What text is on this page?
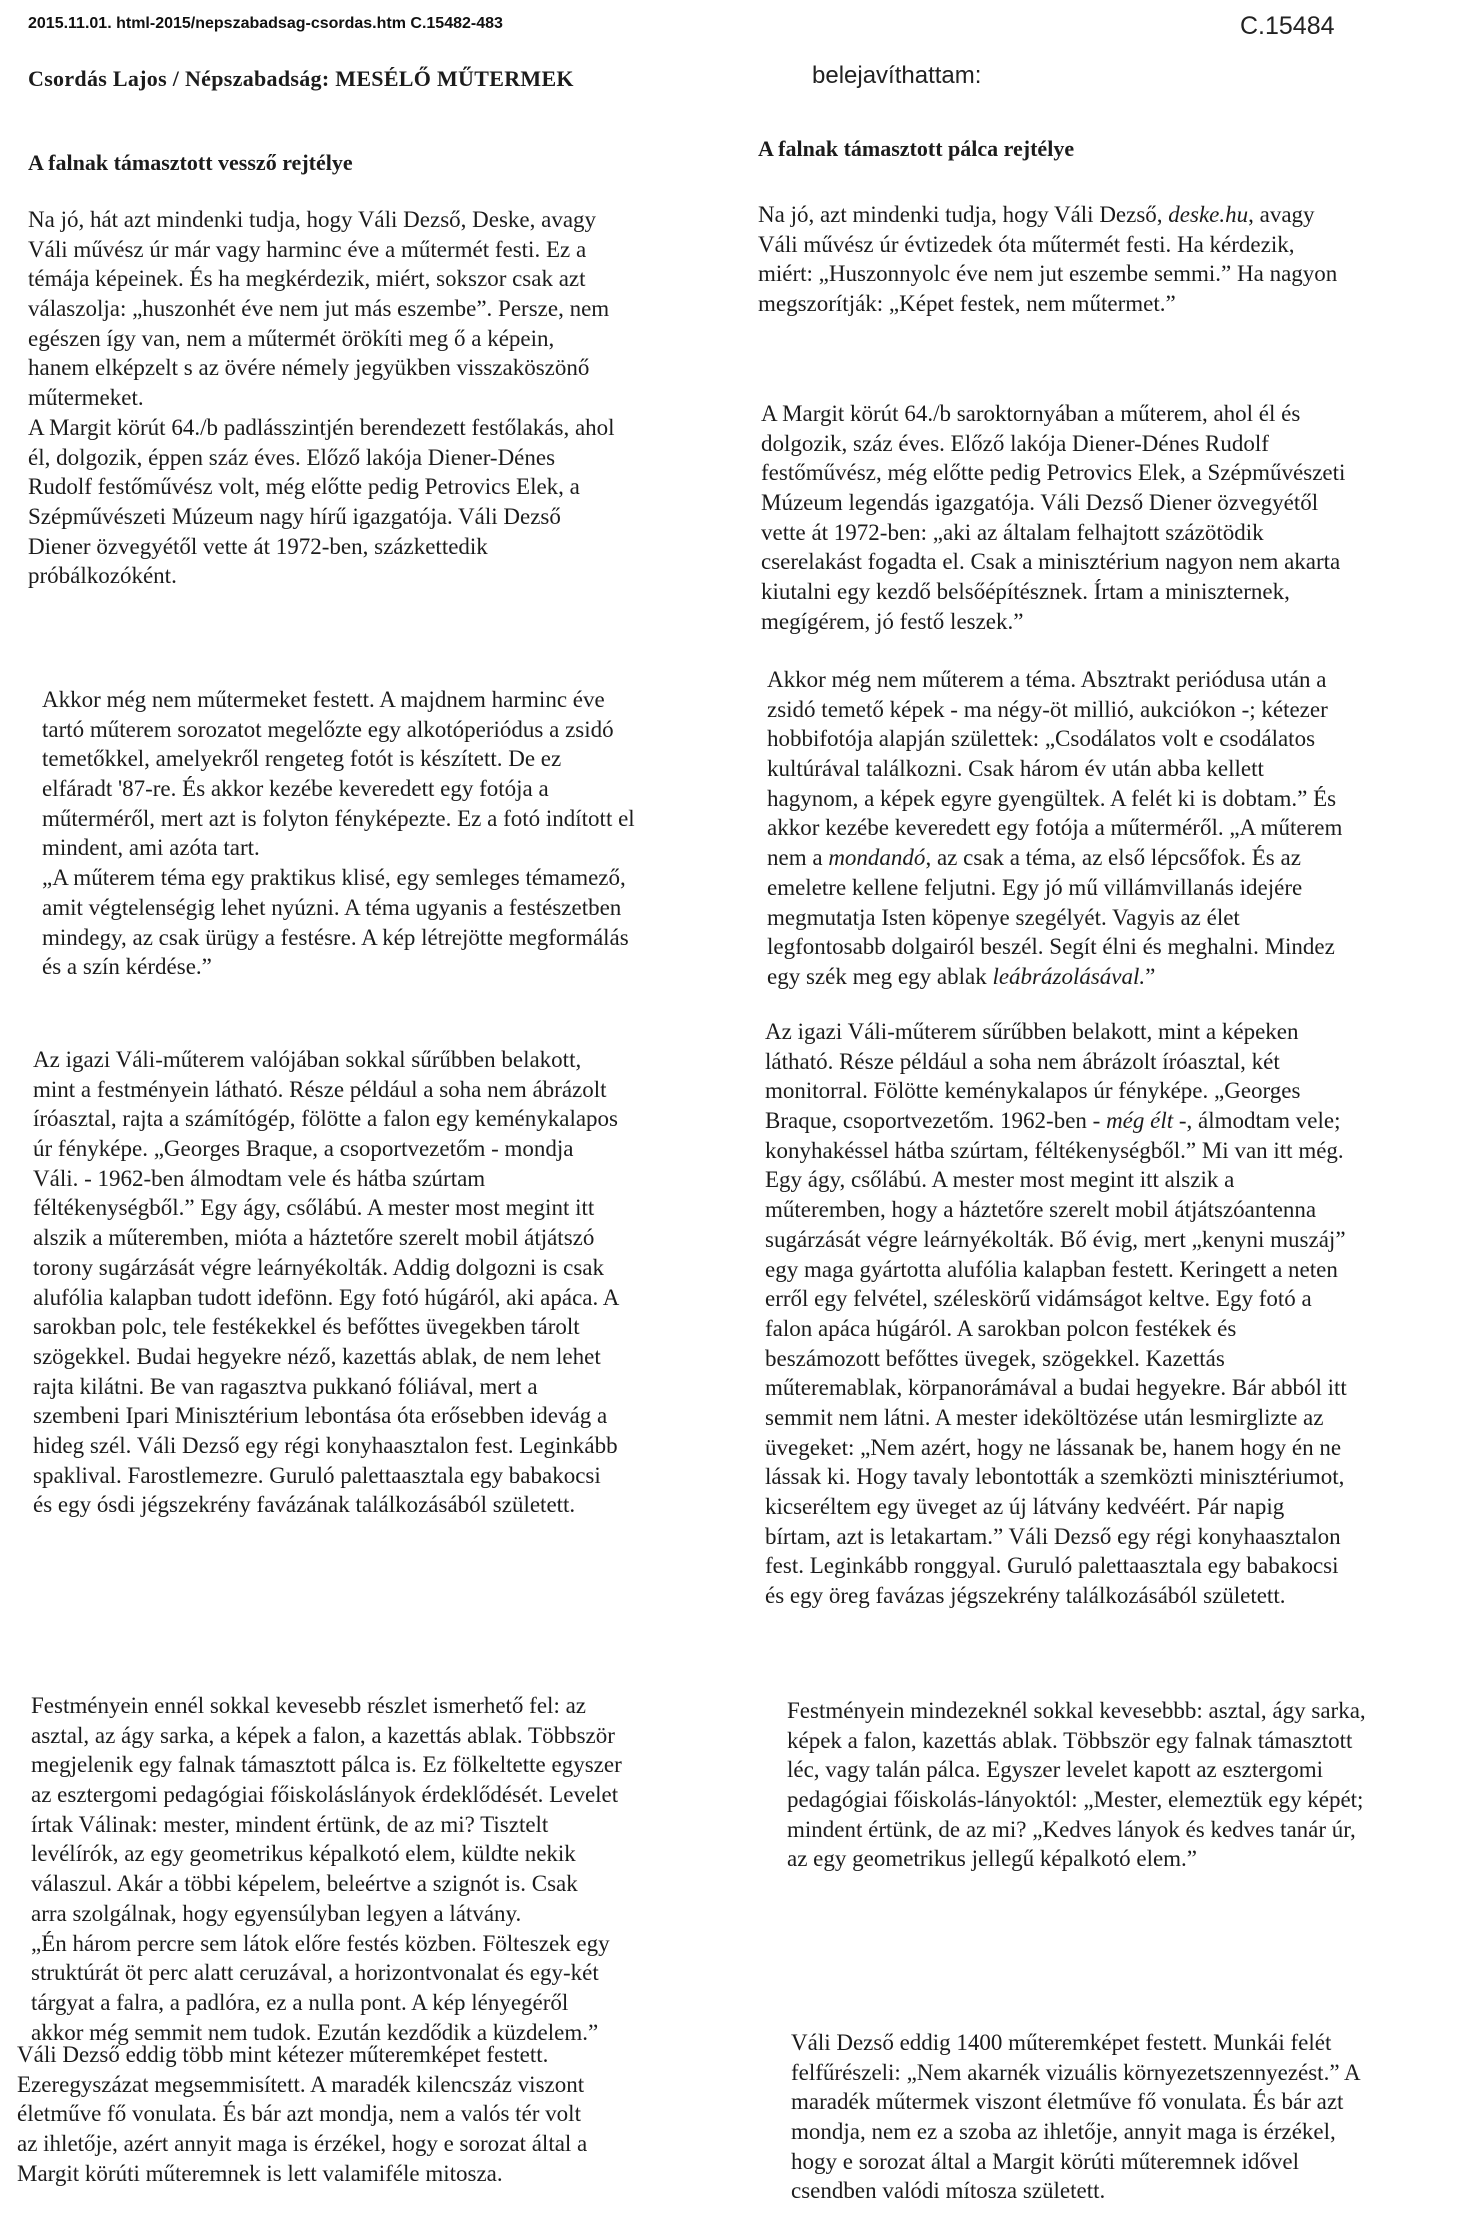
2015.11.01. html-2015/nepszabadsag-csordas.htm C.15482-483	C.15484
Csordás Lajos / Népszabadság: MESÉLŐ MŰTERMEK	belejavíthattam:
A falnak támasztott vessző rejtélye
A falnak támasztott pálca rejtélye
Na jó, hát azt mindenki tudja, hogy Váli Dezső, Deske, avagy
Váli művész úr már vagy harminc éve a műtermét festi. Ez a
témája képeinek. És ha megkérdezik, miért, sokszor csak azt
válaszolja: „huszonhét éve nem jut más eszembe”. Persze, nem
egészen így van, nem a műtermét örökíti meg ő a képein,
hanem elképzelt s az övére némely jegyükben visszaköszönő
műtermeket.
A Margit körút 64./b padlásszintjén berendezett festőlakás, ahol
él, dolgozik, éppen száz éves. Előző lakója Diener-Dénes
Rudolf festőművész volt, még előtte pedig Petrovics Elek, a
Szépművészeti Múzeum nagy hírű igazgatója. Váli Dezső
Diener özvegyétől vette át 1972-ben, százkettedik
próbálkozóként.
Akkor még nem műtermeket festett. A majdnem harminc éve
tartó műterem sorozatot megelőzte egy alkotóperiódus a zsidó
temetőkkel, amelyekről rengeteg fotót is készített. De ez
elfáradt '87-re. És akkor kezébe keveredett egy fotója a
műterméről, mert azt is folyton fényképezte. Ez a fotó indított el
mindent, ami azóta tart.
„A műterem téma egy praktikus klisé, egy semleges témamező,
amit végtelenségig lehet nyúzni. A téma ugyanis a festészetben
mindegy, az csak ürügy a festésre. A kép létrejötte megformálás
és a szín kérdése.”
Az igazi Váli-műterem valójában sokkal sűrűbben belakott,
mint a festményein látható. Része például a soha nem ábrázolt
íróasztal, rajta a számítógép, fölötte a falon egy keménykalapos
úr fényképe. „Georges Braque, a csoportvezetőm - mondja
Váli. - 1962-ben álmodtam vele és hátba szúrtam
féltékenységből.” Egy ágy, csőlábú. A mester most megint itt
alszik a műteremben, mióta a háztetőre szerelt mobil átjátszó
torony sugárzását végre leárnyékolták. Addig dolgozni is csak
alufólia kalapban tudott idefönn. Egy fotó húgáról, aki apáca. A
sarokban polc, tele festékekkel és befőttes üvegekben tárolt
szögekkel. Budai hegyekre néző, kazettás ablak, de nem lehet
rajta kilátni. Be van ragasztva pukkanó fóliával, mert a
szembeni Ipari Minisztérium lebontása óta erősebben idevág a
hideg szél. Váli Dezső egy régi konyhaasztalon fest. Leginkább
spaklival. Farostlemezre. Guruló palettaasztala egy babakocsi
és egy ósdi jégszekrény favázának találkozásából született.
Festményein ennél sokkal kevesebb részlet ismerhető fel: az
asztal, az ágy sarka, a képek a falon, a kazettás ablak. Többször
megjelenik egy falnak támasztott pálca is. Ez fölkeltette egyszer
az esztergomi pedagógiai főiskoláslányok érdeklődését. Levelet
írtak Válinak: mester, mindent értünk, de az mi? Tisztelt
levélírók, az egy geometrikus képalkotó elem, küldte nekik
válaszul. Akár a többi képelem, beleértve a szignót is. Csak
arra szolgálnak, hogy egyensúlyban legyen a látvány.
„Én három percre sem látok előre festés közben. Fölteszek egy
struktúrát öt perc alatt ceruzával, a horizontvonalat és egy-két
tárgyat a falra, a padlóra, ez a nulla pont. A kép lényegéről
akkor még semmit nem tudok. Ezután kezdődik a küzdelem.”
Váli Dezső eddig több mint kétezer műteremképet festett.
Ezeregyszázat megsemmisített. A maradék kilencszáz viszont
életműve fő vonulata. És bár azt mondja, nem a valós tér volt
az ihletője, azért annyit maga is érzékel, hogy e sorozat által a
Margit körúti műteremnek is lett valamiféle mitosza.
Na jó, azt mindenki tudja, hogy Váli Dezső, deske.hu, avagy
Váli művész úr évtizedek óta műtermét festi. Ha kérdezik,
miért: „Huszonnyolc éve nem jut eszembe semmi.” Ha nagyon
megszorítják: „Képet festek, nem műtermet.”
A Margit körút 64./b saroktornyában a műterem, ahol él és
dolgozik, száz éves. Előző lakója Diener-Dénes Rudolf
festőművész, még előtte pedig Petrovics Elek, a Szépművészeti
Múzeum legendás igazgatója. Váli Dezső Diener özvegyétől
vette át 1972-ben: „aki az általam felhajtott százötödik
cserelakást fogadta el. Csak a minisztérium nagyon nem akarta
kiutalni egy kezdő belsőépítésznek. Írtam a miniszternek,
megígérem, jó festő leszek.”
Akkor még nem műterem a téma. Absztrakt periódusa után a
zsidó temető képek - ma négy-öt millió, aukciókon -; kétezer
hobbifotója alapján születtek: „Csodálatos volt e csodálatos
kultúrával találkozni. Csak három év után abba kellett
hagynom, a képek egyre gyengültek. A felét ki is dobtam.” És
akkor kezébe keveredett egy fotója a műterméről. „A műterem
nem a mondandó, az csak a téma, az első lépcsőfok. És az
emeletre kellene feljutni. Egy jó mű villámvillanás idejére
megmutatja Isten köpenye szegélyét. Vagyis az élet
legfontosabb dolgairól beszél. Segít élni és meghalni. Mindez
egy szék meg egy ablak leábrázolásával.”
Az igazi Váli-műterem sűrűbben belakott, mint a képeken
látható. Része például a soha nem ábrázolt íróasztal, két
monitorral. Fölötte keménykalapos úr fényképe. „Georges
Braque, csoportvezetőm. 1962-ben - még élt -, álmodtam vele;
konyhakéssel hátba szúrtam, féltékenységből.” Mi van itt még.
Egy ágy, csőlábú. A mester most megint itt alszik a
műteremben, hogy a háztetőre szerelt mobil átjátszóantenna
sugárzását végre leárnyékolták. Bő évig, mert „kenyni muszáj”
egy maga gyártotta alufólia kalapban festett. Keringett a neten
erről egy felvétel, széleskörű vidámságot keltve. Egy fotó a
falon apáca húgáról. A sarokban polcon festékek és
beszámozott befőttes üvegek, szögekkel. Kazettás
műteremablak, körpanorámával a budai hegyekre. Bár abból itt
semmit nem látni. A mester ideköltözése után lesmirglizte az
üvegeket: „Nem azért, hogy ne lássanak be, hanem hogy én ne
lássak ki. Hogy tavaly lebontották a szemközti minisztériumot,
kicseréltem egy üveget az új látvány kedvéért. Pár napig
bírtam, azt is letakartam.” Váli Dezső egy régi konyhaasztalon
fest. Leginkább ronggyal. Guruló palettaasztala egy babakocsi
és egy öreg favázas jégszekrény találkozásából született.
Festményein mindezeknél sokkal kevesebbb: asztal, ágy sarka,
képek a falon, kazettás ablak. Többször egy falnak támasztott
léc, vagy talán pálca. Egyszer levelet kapott az esztergomi
pedagógiai főiskolás-lányoktól: „Mester, elemeztük egy képét;
mindent értünk, de az mi? „Kedves lányok és kedves tanár úr,
az egy geometrikus jellegű képalkotó elem.”
Váli Dezső eddig 1400 műteremképet festett. Munkái felét
felfűrészeli: „Nem akarnék vizuális környezetszennyezést.” A
maradék műtermek viszont életműve fő vonulata. És bár azt
mondja, nem ez a szoba az ihletője, annyit maga is érzékel,
hogy e sorozat által a Margit körúti műteremnek idővel
csendben valódi mítosza született.
